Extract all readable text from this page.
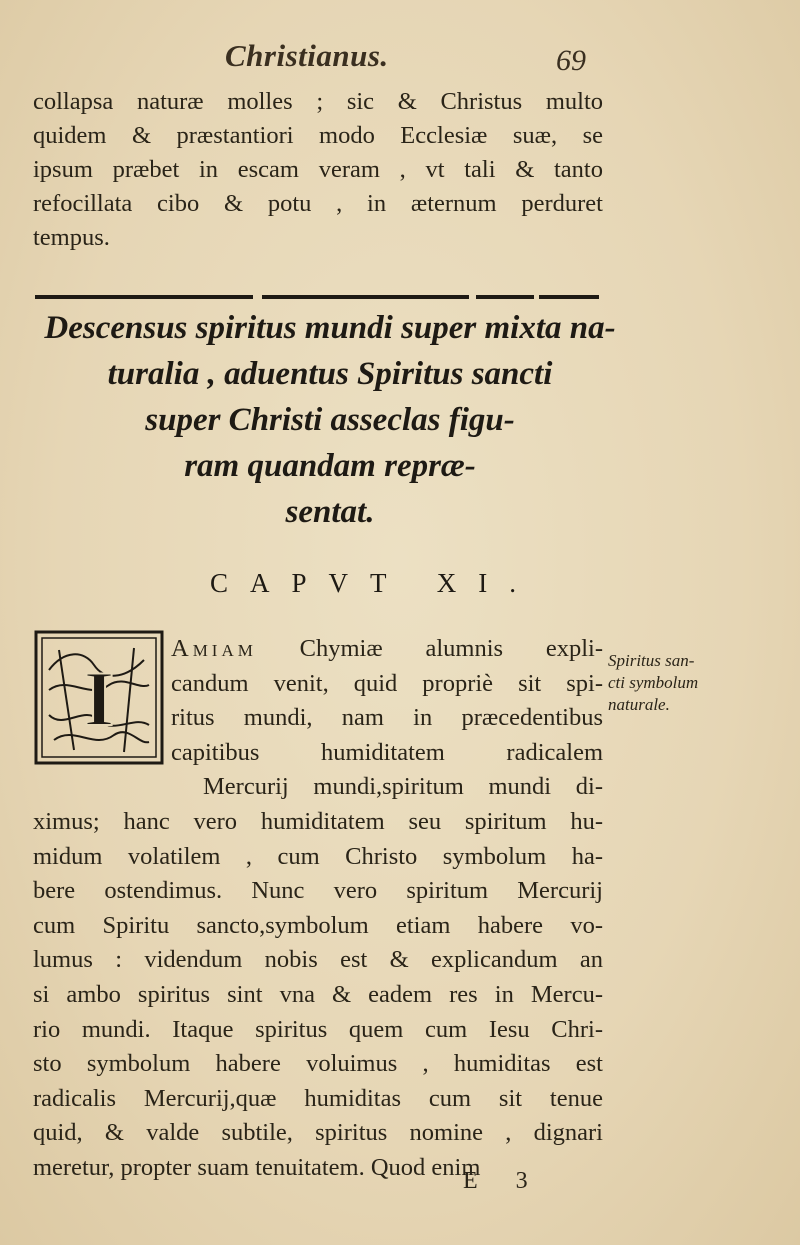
Christianus.	69
collapsa naturæ molles ; sic & Christus multo
quidem & præstantiori modo Ecclesiæ suæ, se
ipsum præbet in escam veram , vt tali & tanto
refocillata cibo & potu , in æternum perduret
tempus.
Descensus spiritus mundi super mixta na-
turalia , aduentus Spiritus sancti
super Christi asseclas figu-
ram quandam repræ-
sentat.
CAPVT XI.
I
Amiam Chymiæ alumnis expli-
candum venit, quid propriè sit spi-
ritus mundi, nam in præcedentibus
capitibus humiditatem radicalem
Mercurij mundi,spiritum mundi di-
ximus; hanc vero humiditatem seu spiritum hu-
midum volatilem , cum Christo symbolum ha-
bere ostendimus. Nunc vero spiritum Mercurij
cum Spiritu sancto,symbolum etiam habere vo-
lumus : videndum nobis est & explicandum an
si ambo spiritus sint vna & eadem res in Mercu-
rio mundi. Itaque spiritus quem cum Iesu Chri-
sto symbolum habere voluimus , humiditas est
radicalis Mercurij,quæ humiditas cum sit tenue
quid, & valde subtile, spiritus nomine , dignari
meretur, propter suam tenuitatem. Quod enim
Spiritus san-
cti symbolum
naturale.
E 3
